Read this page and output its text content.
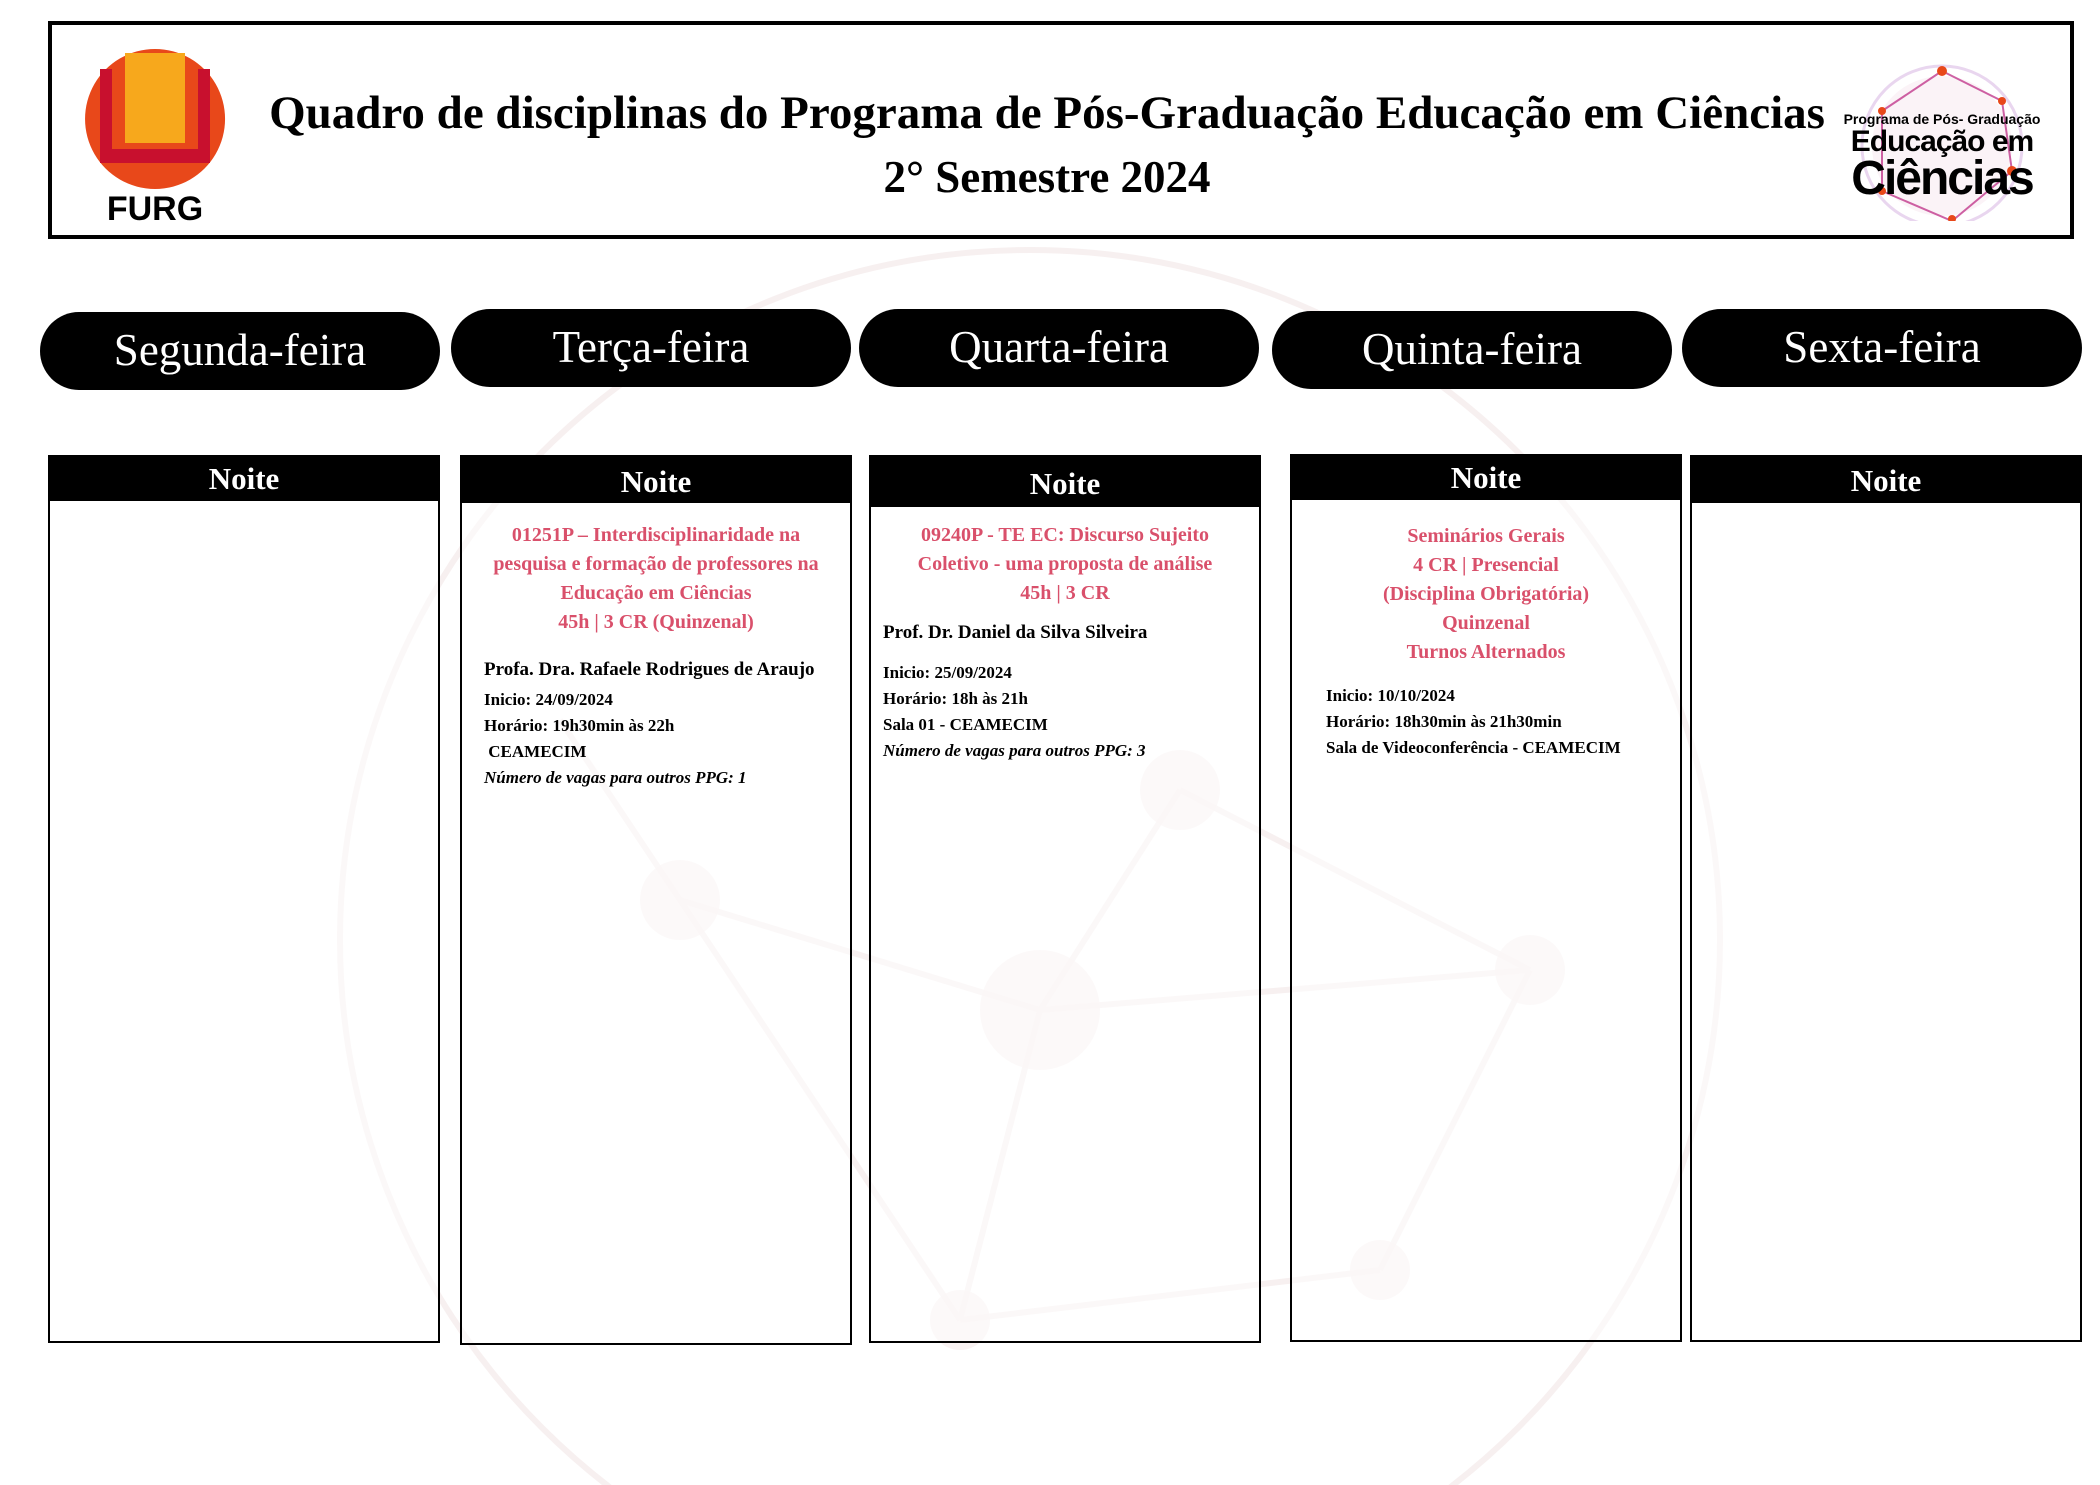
FURG
Quadro de disciplinas do Programa de Pós-Graduação Educação em Ciências
2° Semestre 2024
Programa de Pós- Graduação
Educação em
Ciências
Segunda-feira	Terça-feira	Quarta-feira	Quinta-feira	Sexta-feira
Noite	Noite
01251P – Interdisciplinaridade na
pesquisa e formação de professores na
Educação em Ciências
45h | 3 CR (Quinzenal)
Profa. Dra. Rafaele Rodrigues de Araujo
Inicio: 24/09/2024
Horário: 19h30min às 22h
CEAMECIM
Número de vagas para outros PPG: 1
Noite
09240P - TE EC: Discurso Sujeito
Coletivo - uma proposta de análise
45h | 3 CR
Prof. Dr. Daniel da Silva Silveira
Inicio: 25/09/2024
Horário: 18h às 21h
Sala 01 - CEAMECIM
Número de vagas para outros PPG: 3
Noite
Seminários Gerais
4 CR | Presencial
(Disciplina Obrigatória)
Quinzenal
Turnos Alternados
Inicio: 10/10/2024
Horário: 18h30min às 21h30min
Sala de Videoconferência - CEAMECIM
Noite
